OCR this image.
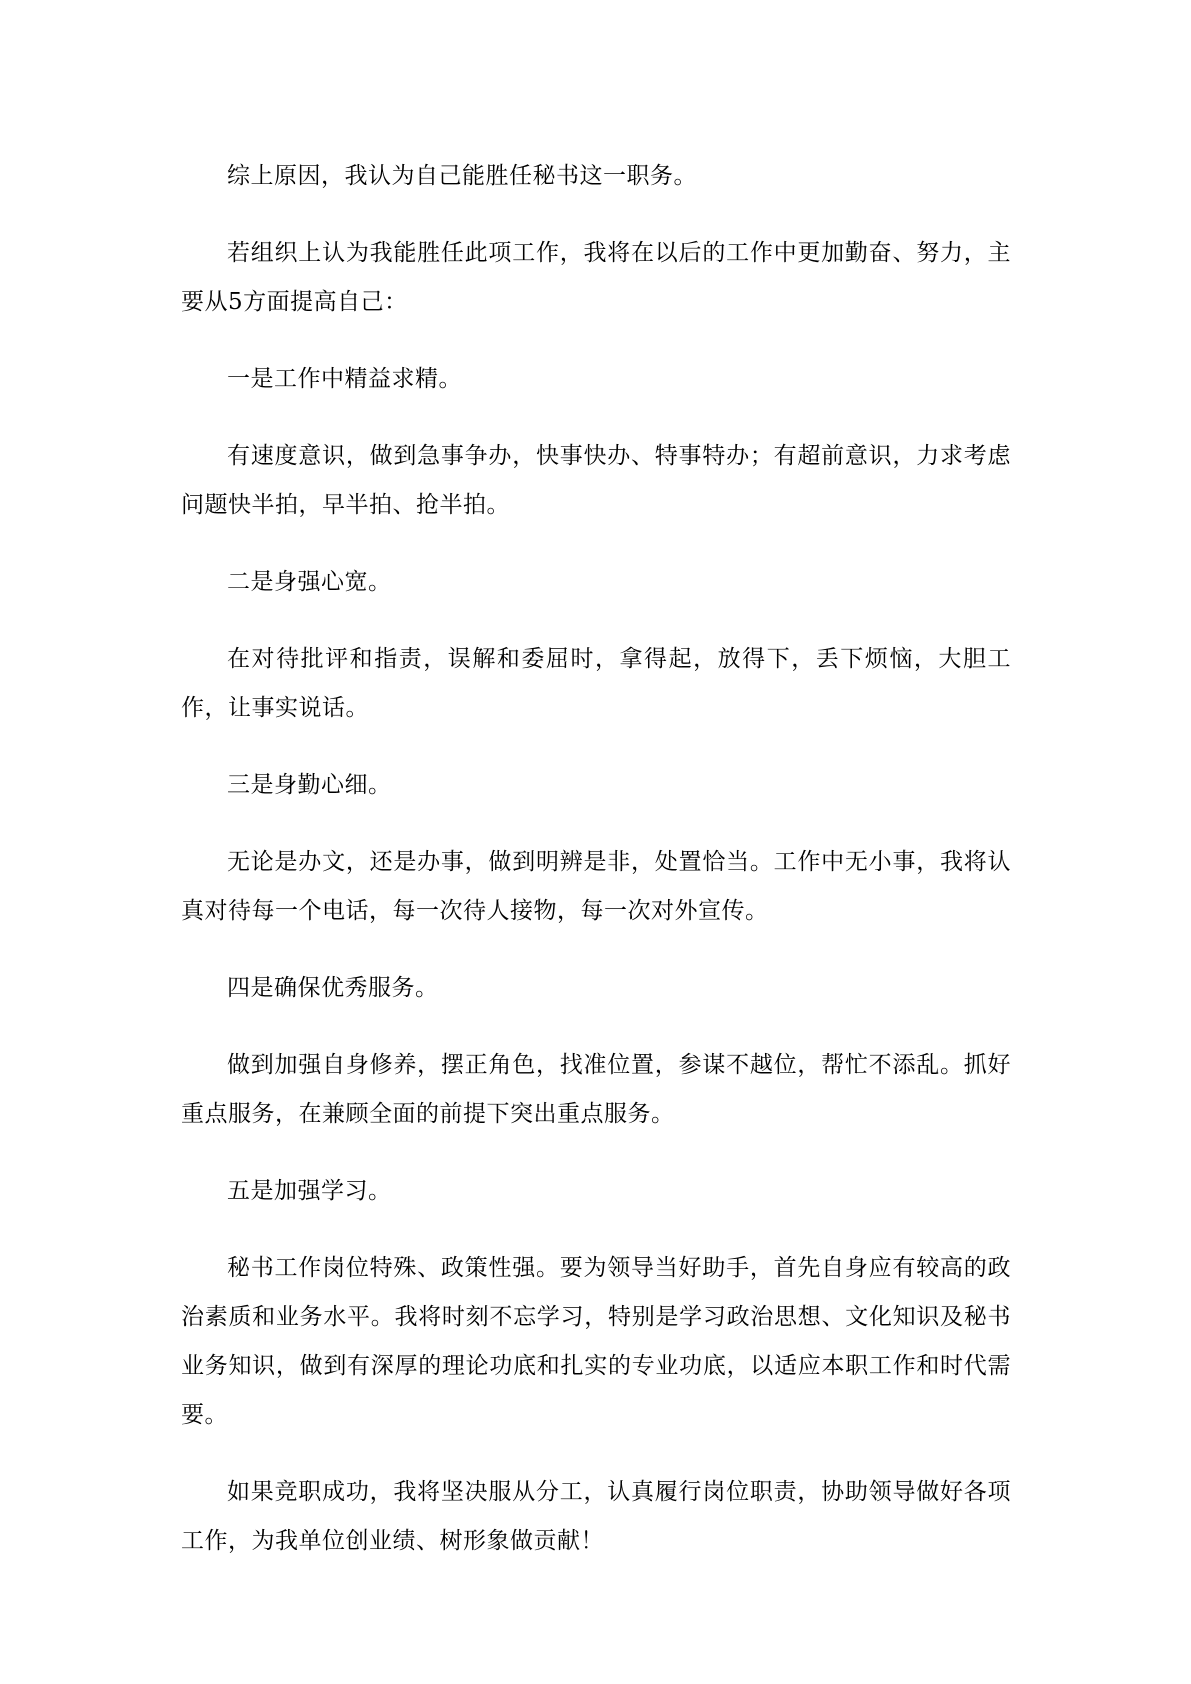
综上原因，我认为自己能胜任秘书这一职务。

若组织上认为我能胜任此项工作，我将在以后的工作中更加勤奋、努力，主要从5方面提高自己：

一是工作中精益求精。

有速度意识，做到急事争办，快事快办、特事特办；有超前意识，力求考虑问题快半拍，早半拍、抢半拍。

二是身强心宽。

在对待批评和指责，误解和委屈时，拿得起，放得下，丢下烦恼，大胆工作，让事实说话。

三是身勤心细。

无论是办文，还是办事，做到明辨是非，处置恰当。工作中无小事，我将认真对待每一个电话，每一次待人接物，每一次对外宣传。

四是确保优秀服务。

做到加强自身修养，摆正角色，找准位置，参谋不越位，帮忙不添乱。抓好重点服务，在兼顾全面的前提下突出重点服务。

五是加强学习。

秘书工作岗位特殊、政策性强。要为领导当好助手，首先自身应有较高的政治素质和业务水平。我将时刻不忘学习，特别是学习政治思想、文化知识及秘书业务知识，做到有深厚的理论功底和扎实的专业功底，以适应本职工作和时代需要。

如果竞职成功，我将坚决服从分工，认真履行岗位职责，协助领导做好各项工作，为我单位创业绩、树形象做贡献！
